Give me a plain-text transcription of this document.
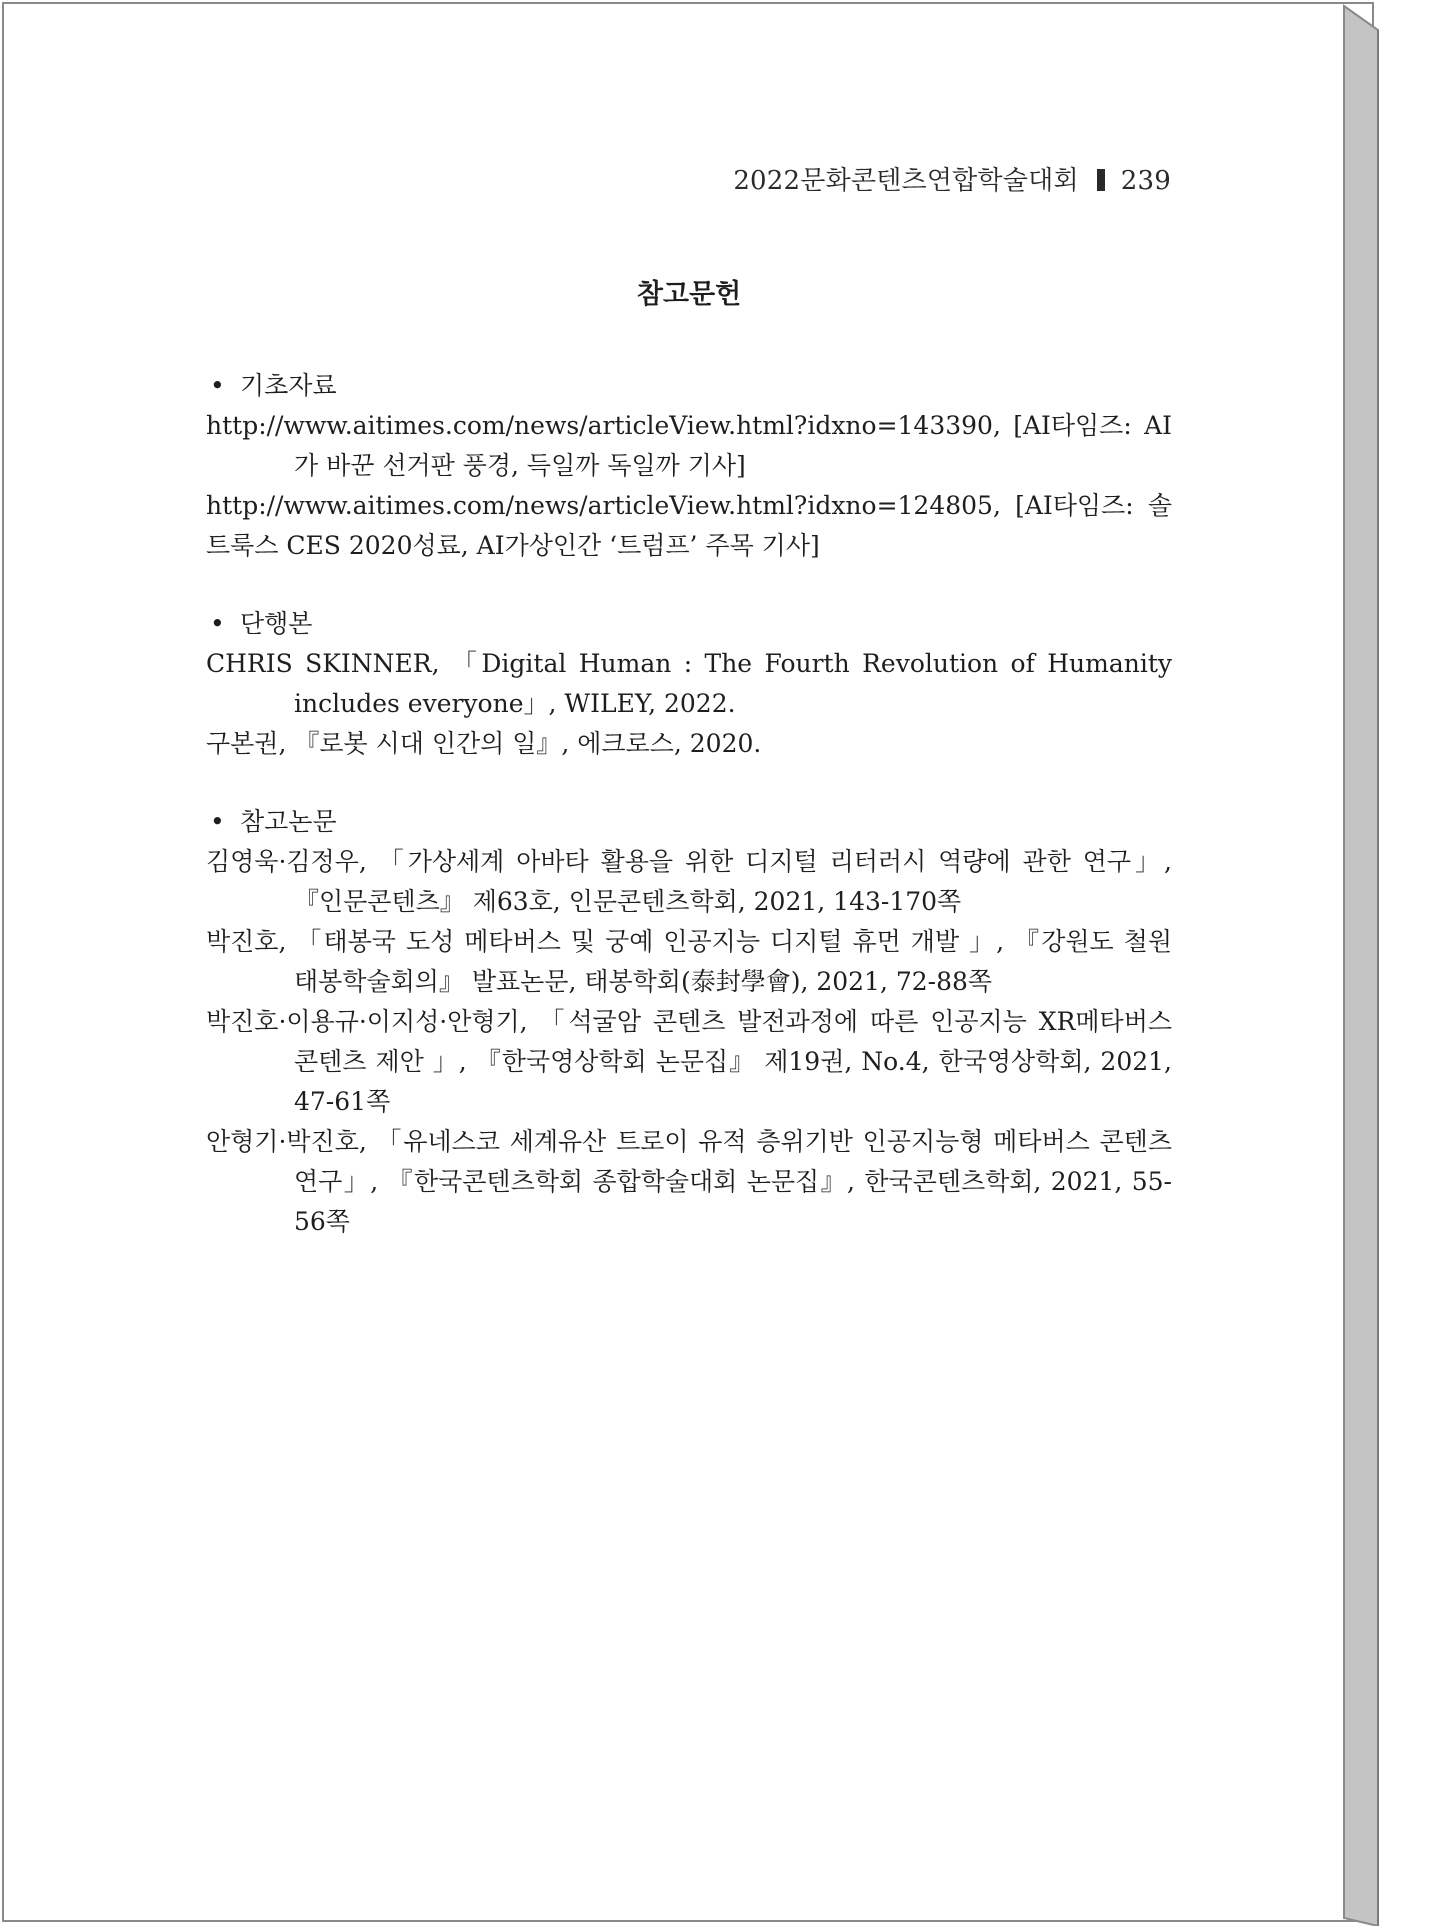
2022문화콘텐츠연합학술대회 239
참고문헌

• 기초자료

http://www.aitimes.com/news/articleView.html?idxno=143390, [AI타임즈: AI가 바꾼 선거판 풍경, 득일까 독일까 기사]

http://www.aitimes.com/news/articleView.html?idxno=124805, [AI타임즈: 솔트룩스 CES 2020성료, AI가상인간 ‘트럼프’ 주목 기사]

• 단행본

CHRIS SKINNER, 「Digital Human : The Fourth Revolution of Humanity includes everyone」, WILEY, 2022.

구본권, 『로봇 시대 인간의 일』, 에크로스, 2020.

• 참고논문

김영욱·김정우, 「가상세계 아바타 활용을 위한 디지털 리터러시 역량에 관한 연구」, 『인문콘텐츠』 제63호, 인문콘텐츠학회, 2021, 143-170쪽

박진호, 「태봉국 도성 메타버스 및 궁예 인공지능 디지털 휴먼 개발 」, 『강원도 철원 태봉학술회의』 발표논문, 태봉학회(泰封學會), 2021, 72-88쪽

박진호·이용규·이지성·안형기, 「석굴암 콘텐츠 발전과정에 따른 인공지능 XR메타버스 콘텐츠 제안 」, 『한국영상학회 논문집』 제19권, No.4, 한국영상학회, 2021, 47-61쪽

안형기·박진호, 「유네스코 세계유산 트로이 유적 층위기반 인공지능형 메타버스 콘텐츠 연구」, 『한국콘텐츠학회 종합학술대회 논문집』, 한국콘텐츠학회, 2021, 55-56쪽
